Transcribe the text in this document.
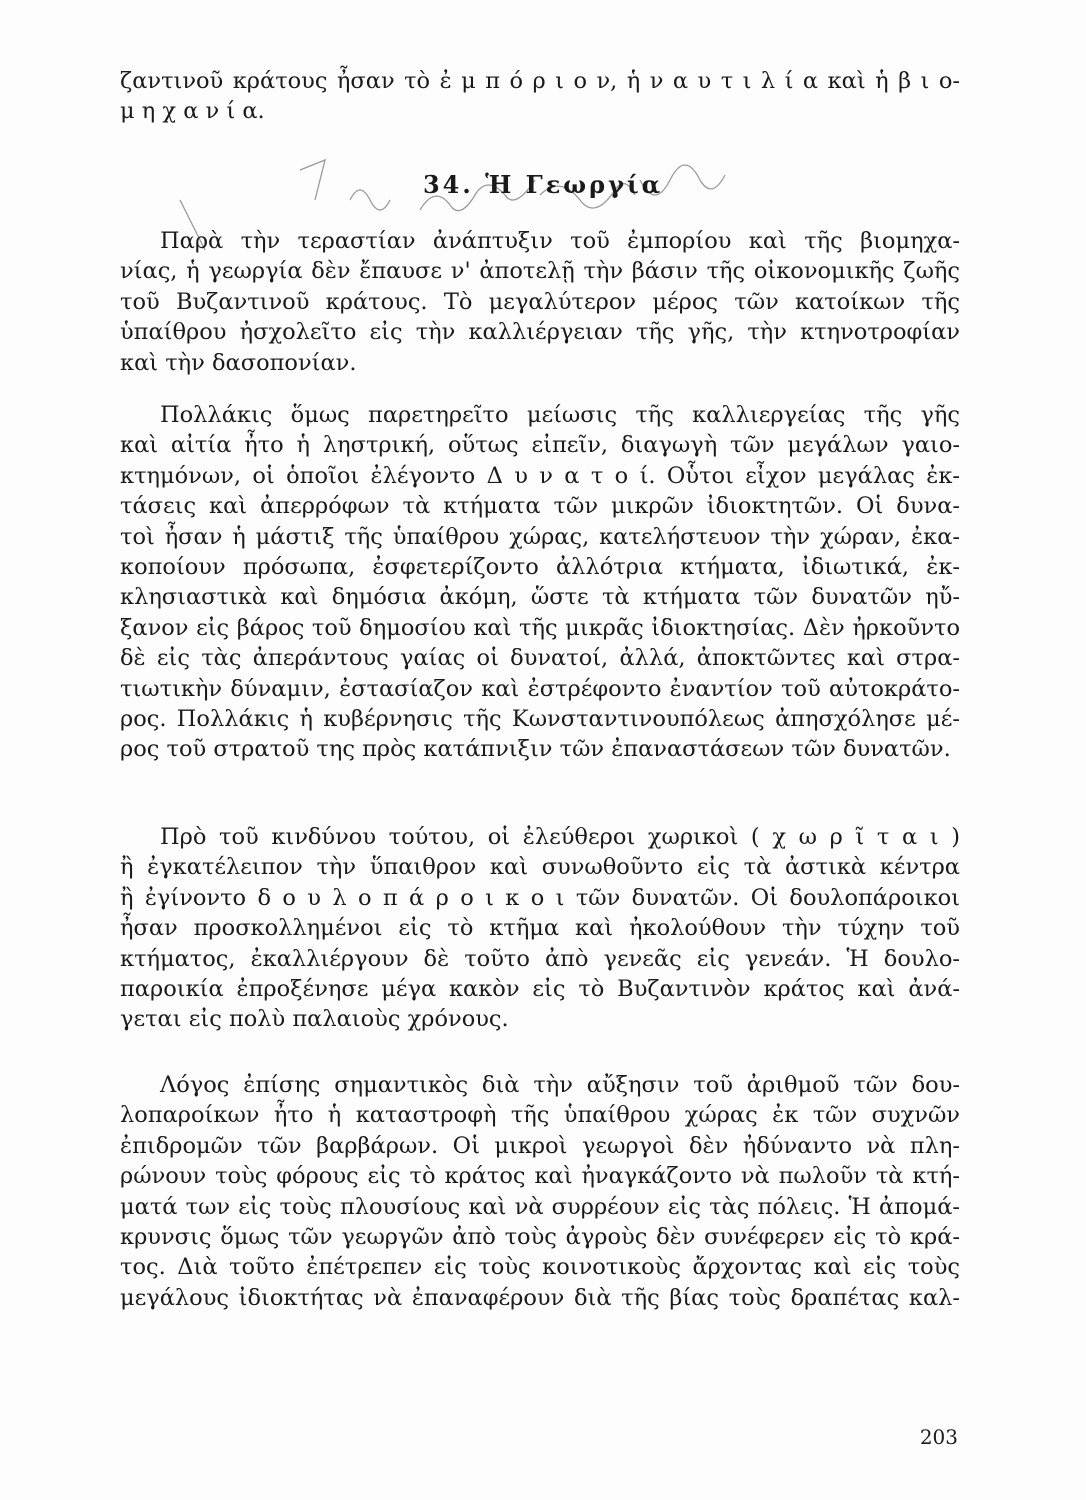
ζαντινοῦ κράτους ἦσαν τὸ ἐ μ π ό ρ ι ο ν, ἡ ν α υ τ ι λ ί α καὶ ἡ β ι ο-
μ η χ α ν ί α.
34. Ἡ Γεωργία
Παρὰ τὴν τεραστίαν ἀνάπτυξιν τοῦ ἐμπορίου καὶ τῆς βιομηχα-
νίας, ἡ γεωργία δὲν ἔπαυσε ν' ἀποτελῇ τὴν βάσιν τῆς οἰκονομικῆς ζωῆς
τοῦ Βυζαντινοῦ κράτους. Τὸ μεγαλύτερον μέρος τῶν κατοίκων τῆς
ὑπαίθρου ἠσχολεῖτο εἰς τὴν καλλιέργειαν τῆς γῆς, τὴν κτηνοτροφίαν
καὶ τὴν δασοπονίαν.
Πολλάκις ὅμως παρετηρεῖτο μείωσις τῆς καλλιεργείας τῆς γῆς
καὶ αἰτία ἦτο ἡ ληστρική, οὕτως εἰπεῖν, διαγωγὴ τῶν μεγάλων γαιο-
κτημόνων, οἱ ὁποῖοι ἐλέγοντο Δ υ ν α τ ο ί. Οὗτοι εἶχον μεγάλας ἐκ-
τάσεις καὶ ἀπερρόφων τὰ κτήματα τῶν μικρῶν ἰδιοκτητῶν. Οἱ δυνα-
τοὶ ἦσαν ἡ μάστιξ τῆς ὑπαίθρου χώρας, κατελήστευον τὴν χώραν, ἐκα-
κοποίουν πρόσωπα, ἐσφετερίζοντο ἀλλότρια κτήματα, ἰδιωτικά, ἐκ-
κλησιαστικὰ καὶ δημόσια ἀκόμη, ὥστε τὰ κτήματα τῶν δυνατῶν ηὔ-
ξανον εἰς βάρος τοῦ δημοσίου καὶ τῆς μικρᾶς ἰδιοκτησίας. Δὲν ἠρκοῦντο
δὲ εἰς τὰς ἀπεράντους γαίας οἱ δυνατοί, ἀλλά, ἀποκτῶντες καὶ στρα-
τιωτικὴν δύναμιν, ἐστασίαζον καὶ ἐστρέφοντο ἐναντίον τοῦ αὐτοκράτο-
ρος. Πολλάκις ἡ κυβέρνησις τῆς Κωνσταντινουπόλεως ἀπησχόλησε μέ-
ρος τοῦ στρατοῦ της πρὸς κατάπνιξιν τῶν ἐπαναστάσεων τῶν δυνατῶν.
Πρὸ τοῦ κινδύνου τούτου, οἱ ἐλεύθεροι χωρικοὶ ( χ ω ρ ῖ τ α ι )
ἢ ἐγκατέλειπον τὴν ὕπαιθρον καὶ συνωθοῦντο εἰς τὰ ἀστικὰ κέντρα
ἢ ἐγίνοντο δ ο υ λ ο π ά ρ ο ι κ ο ι τῶν δυνατῶν. Οἱ δουλοπάροικοι
ἦσαν προσκολλημένοι εἰς τὸ κτῆμα καὶ ἠκολούθουν τὴν τύχην τοῦ
κτήματος, ἐκαλλιέργουν δὲ τοῦτο ἀπὸ γενεᾶς εἰς γενεάν. Ἡ δουλο-
παροικία ἐπροξένησε μέγα κακὸν εἰς τὸ Βυζαντινὸν κράτος καὶ ἀνά-
γεται εἰς πολὺ παλαιοὺς χρόνους.
Λόγος ἐπίσης σημαντικὸς διὰ τὴν αὔξησιν τοῦ ἀριθμοῦ τῶν δου-
λοπαροίκων ἦτο ἡ καταστροφὴ τῆς ὑπαίθρου χώρας ἐκ τῶν συχνῶν
ἐπιδρομῶν τῶν βαρβάρων. Οἱ μικροὶ γεωργοὶ δὲν ἠδύναντο νὰ πλη-
ρώνουν τοὺς φόρους εἰς τὸ κράτος καὶ ἠναγκάζοντο νὰ πωλοῦν τὰ κτή-
ματά των εἰς τοὺς πλουσίους καὶ νὰ συρρέουν εἰς τὰς πόλεις. Ἡ ἀπομά-
κρυνσις ὅμως τῶν γεωργῶν ἀπὸ τοὺς ἀγροὺς δὲν συνέφερεν εἰς τὸ κρά-
τος. Διὰ τοῦτο ἐπέτρεπεν εἰς τοὺς κοινοτικοὺς ἄρχοντας καὶ εἰς τοὺς
μεγάλους ἰδιοκτήτας νὰ ἐπαναφέρουν διὰ τῆς βίας τοὺς δραπέτας καλ-
203
